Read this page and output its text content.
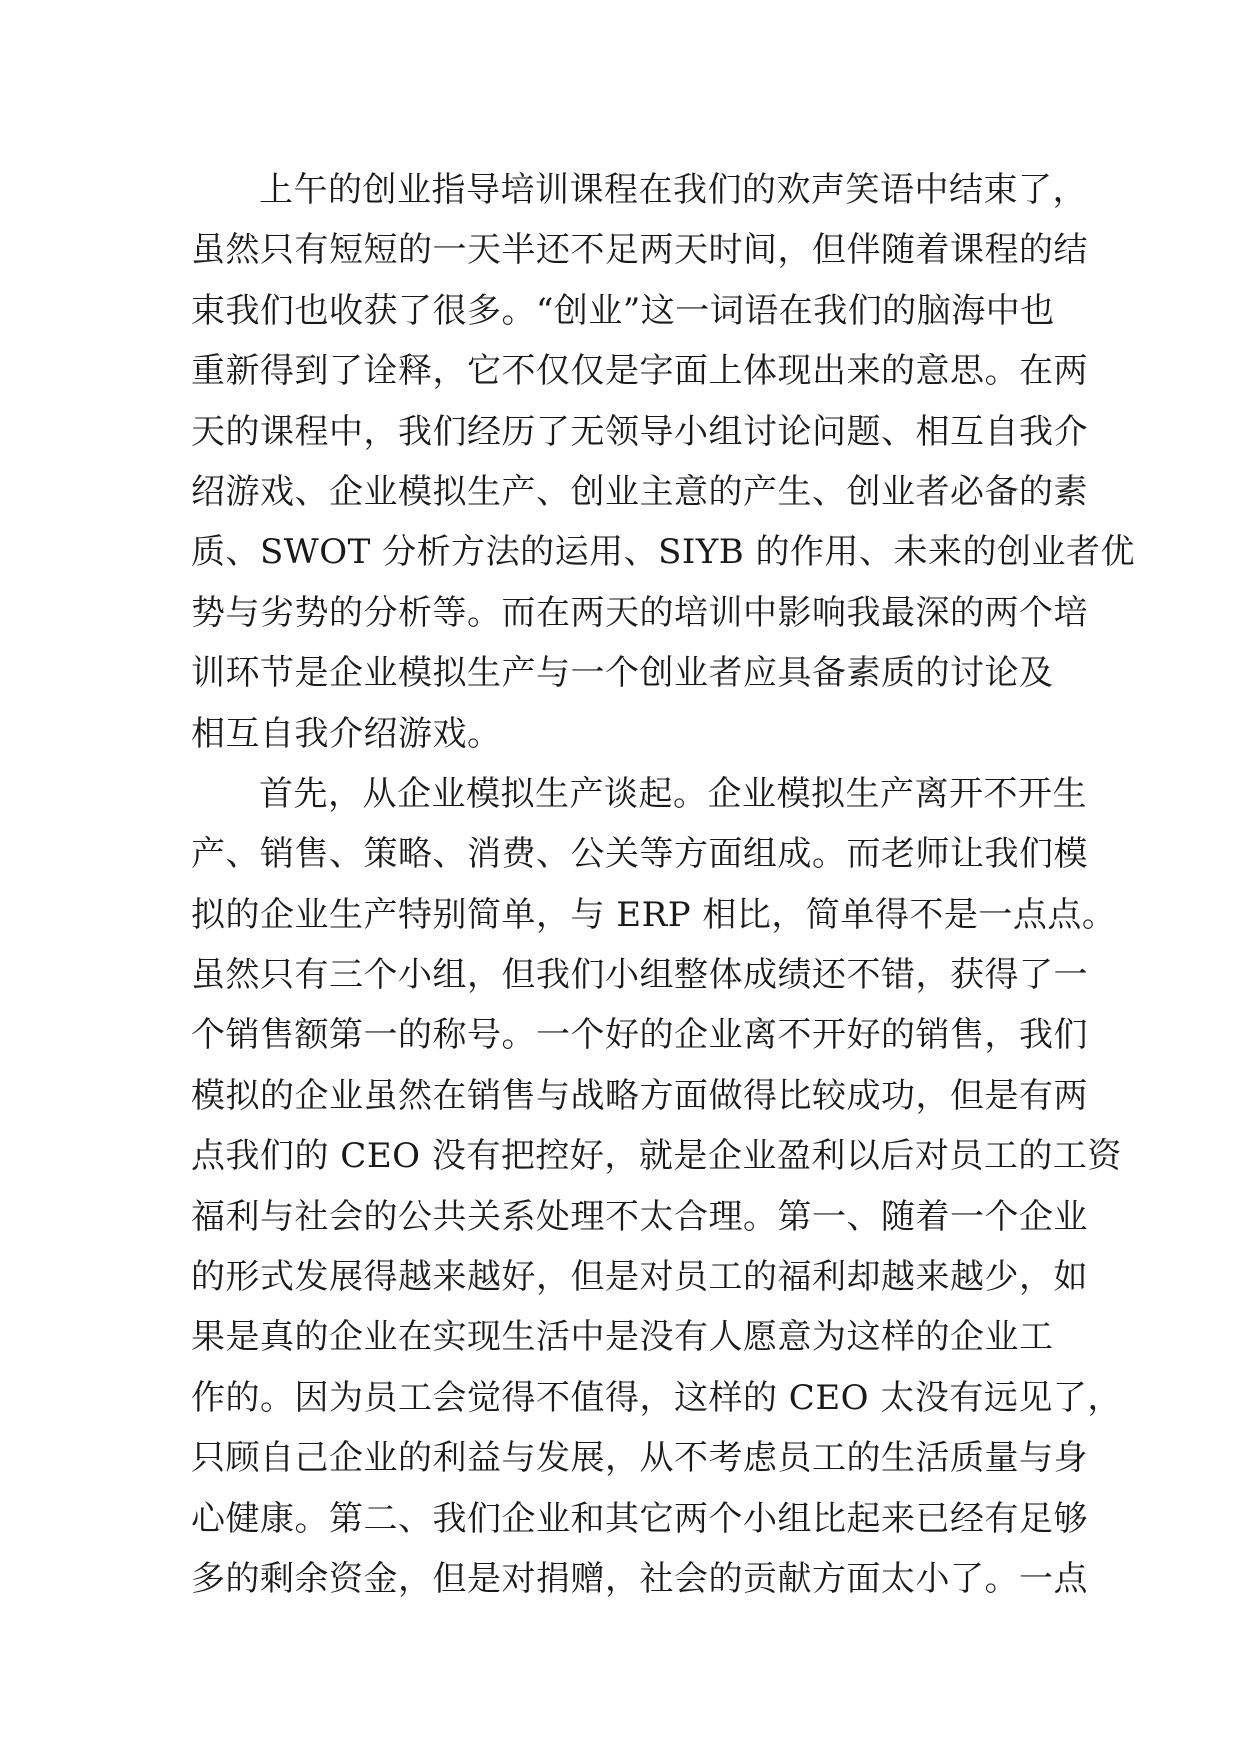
上午的创业指导培训课程在我们的欢声笑语中结束了，
虽然只有短短的一天半还不足两天时间，但伴随着课程的结
束我们也收获了很多。“创业”这一词语在我们的脑海中也
重新得到了诠释，它不仅仅是字面上体现出来的意思。在两
天的课程中，我们经历了无领导小组讨论问题、相互自我介
绍游戏、企业模拟生产、创业主意的产生、创业者必备的素
质、SWOT 分析方法的运用、SIYB 的作用、未来的创业者优
势与劣势的分析等。而在两天的培训中影响我最深的两个培
训环节是企业模拟生产与一个创业者应具备素质的讨论及
相互自我介绍游戏。
首先，从企业模拟生产谈起。企业模拟生产离开不开生
产、销售、策略、消费、公关等方面组成。而老师让我们模
拟的企业生产特别简单，与 ERP 相比，简单得不是一点点。
虽然只有三个小组，但我们小组整体成绩还不错，获得了一
个销售额第一的称号。一个好的企业离不开好的销售，我们
模拟的企业虽然在销售与战略方面做得比较成功，但是有两
点我们的 CEO 没有把控好，就是企业盈利以后对员工的工资
福利与社会的公共关系处理不太合理。第一、随着一个企业
的形式发展得越来越好，但是对员工的福利却越来越少，如
果是真的企业在实现生活中是没有人愿意为这样的企业工
作的。因为员工会觉得不值得，这样的 CEO 太没有远见了，
只顾自己企业的利益与发展，从不考虑员工的生活质量与身
心健康。第二、我们企业和其它两个小组比起来已经有足够
多的剩余资金，但是对捐赠，社会的贡献方面太小了。一点
